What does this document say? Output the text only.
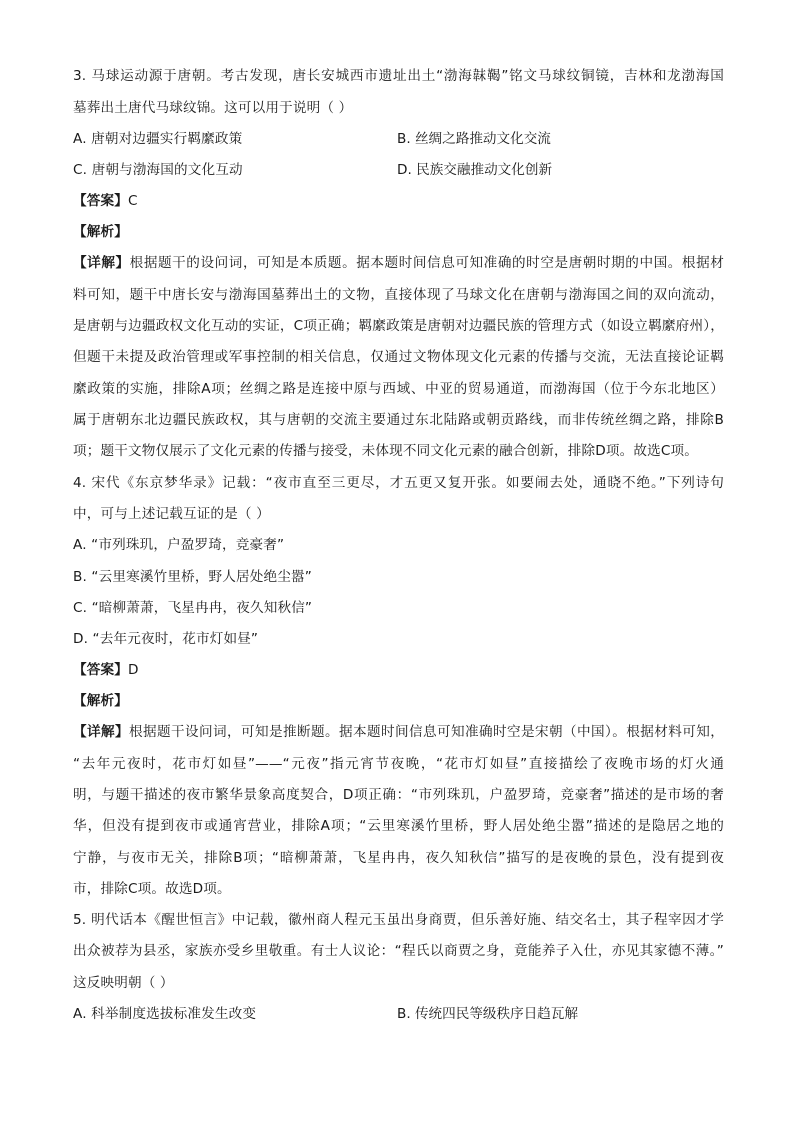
3. 马球运动源于唐朝。考古发现，唐长安城西市遗址出土“渤海韎鞨”铭文马球纹铜镜，吉林和龙渤海国
墓葬出土唐代马球纹锦。这可以用于说明（ ）
A. 唐朝对边疆实行羁縻政策	B. 丝绸之路推动文化交流
C. 唐朝与渤海国的文化互动	D. 民族交融推动文化创新
【答案】C
【解析】
【详解】根据题干的设问词，可知是本质题。据本题时间信息可知准确的时空是唐朝时期的中国。根据材
料可知，题干中唐长安与渤海国墓葬出土的文物，直接体现了马球文化在唐朝与渤海国之间的双向流动，
是唐朝与边疆政权文化互动的实证，C项正确；羁縻政策是唐朝对边疆民族的管理方式（如设立羁縻府州），
但题干未提及政治管理或军事控制的相关信息，仅通过文物体现文化元素的传播与交流，无法直接论证羁
縻政策的实施，排除A项；丝绸之路是连接中原与西域、中亚的贸易通道，而渤海国（位于今东北地区）
属于唐朝东北边疆民族政权，其与唐朝的交流主要通过东北陆路或朝贡路线，而非传统丝绸之路，排除B
项；题干文物仅展示了文化元素的传播与接受，未体现不同文化元素的融合创新，排除D项。故选C项。
4. 宋代《东京梦华录》记载：“夜市直至三更尽，才五更又复开张。如要闹去处，通晓不绝。”下列诗句
中，可与上述记载互证的是（ ）
A. “市列珠玑，户盈罗琦，竞豪奢”
B. “云里寒溪竹里桥，野人居处绝尘嚣”
C. “暗柳萧萧，飞星冉冉，夜久知秋信”
D. “去年元夜时，花市灯如昼”
【答案】D
【解析】
【详解】根据题干设问词，可知是推断题。据本题时间信息可知准确时空是宋朝（中国）。根据材料可知，
“去年元夜时，花市灯如昼”——“元夜”指元宵节夜晚，“花市灯如昼”直接描绘了夜晚市场的灯火通
明，与题干描述的夜市繁华景象高度契合，D项正确：“市列珠玑，户盈罗琦，竞豪奢”描述的是市场的奢
华，但没有提到夜市或通宵营业，排除A项；“云里寒溪竹里桥，野人居处绝尘嚣”描述的是隐居之地的
宁静，与夜市无关，排除B项；“暗柳萧萧，飞星冉冉，夜久知秋信”描写的是夜晚的景色，没有提到夜
市，排除C项。故选D项。
5. 明代话本《醒世恒言》中记载，徽州商人程元玉虽出身商贾，但乐善好施、结交名士，其子程宰因才学
出众被荐为县丞，家族亦受乡里敬重。有士人议论：“程氏以商贾之身，竟能养子入仕，亦见其家德不薄。”
这反映明朝（ ）
A. 科举制度选拔标准发生改变	B. 传统四民等级秩序日趋瓦解
